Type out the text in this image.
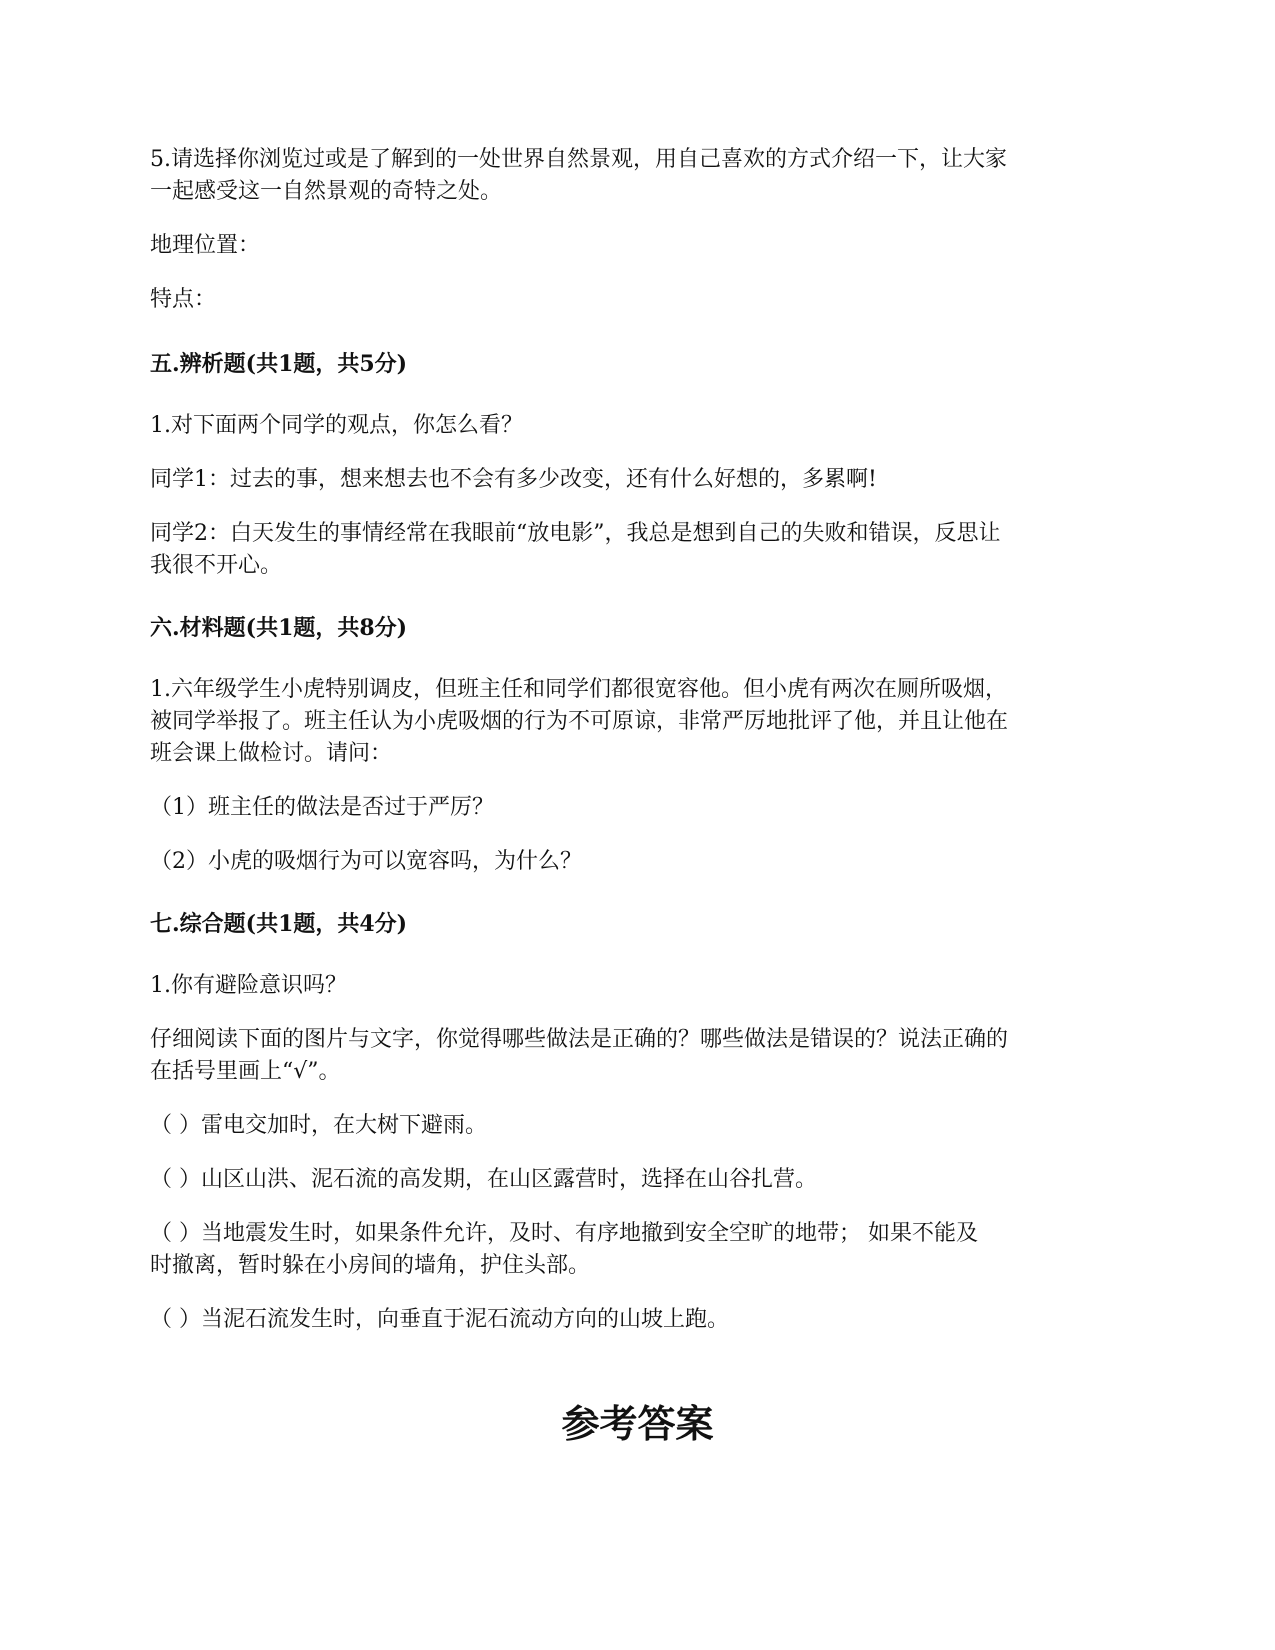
5.请选择你浏览过或是了解到的一处世界自然景观，用自己喜欢的方式介绍一下，让大家

一起感受这一自然景观的奇特之处。

地理位置：

特点：

五.辨析题(共1题，共5分)

1.对下面两个同学的观点，你怎么看？

同学1：过去的事，想来想去也不会有多少改变，还有什么好想的，多累啊!

同学2：白天发生的事情经常在我眼前“放电影”，我总是想到自己的失败和错误，反思让

我很不开心。

六.材料题(共1题，共8分)

1.六年级学生小虎特别调皮，但班主任和同学们都很宽容他。但小虎有两次在厕所吸烟，

被同学举报了。班主任认为小虎吸烟的行为不可原谅，非常严厉地批评了他，并且让他在

班会课上做检讨。请问：

（1）班主任的做法是否过于严厉？

（2）小虎的吸烟行为可以宽容吗，为什么？

七.综合题(共1题，共4分)

1.你有避险意识吗？

仔细阅读下面的图片与文字，你觉得哪些做法是正确的？哪些做法是错误的？说法正确的

在括号里画上“√”。

（ ）雷电交加时，在大树下避雨。

（ ）山区山洪、泥石流的高发期，在山区露营时，选择在山谷扎营。

（ ）当地震发生时，如果条件允许，及时、有序地撤到安全空旷的地带； 如果不能及

时撤离，暂时躲在小房间的墙角，护住头部。

（ ）当泥石流发生时，向垂直于泥石流动方向的山坡上跑。

参考答案
